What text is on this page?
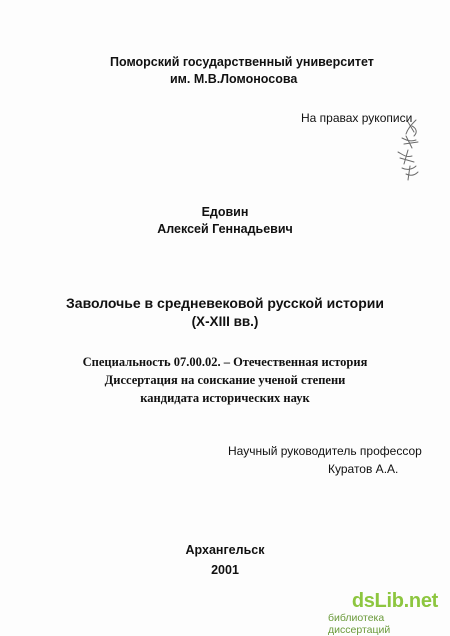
Поморский государственный университет
им. М.В.Ломоносова
На правах рукописи
Едовин
Алексей Геннадьевич
Заволочье в средневековой русской истории
(X-XIII вв.)
Специальность 07.00.02. – Отечественная история
Диссертация на соискание ученой степени
кандидата исторических наук
Научный руководитель профессор
Куратов А.А.
Архангельск
2001
dsLib.net
библиотека диссертаций
